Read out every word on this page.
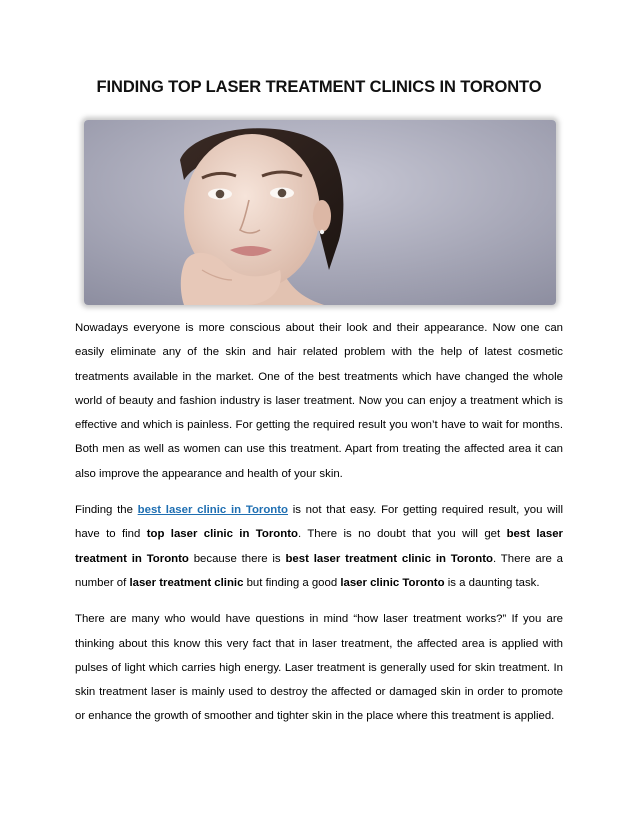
FINDING TOP LASER TREATMENT CLINICS IN TORONTO

Nowadays everyone is more conscious about their look and their appearance. Now one can easily eliminate any of the skin and hair related problem with the help of latest cosmetic treatments available in the market. One of the best treatments which have changed the whole world of beauty and fashion industry is laser treatment. Now you can enjoy a treatment which is effective and which is painless. For getting the required result you won’t have to wait for months. Both men as well as women can use this treatment. Apart from treating the affected area it can also improve the appearance and health of your skin.

Finding the best laser clinic in Toronto is not that easy. For getting required result, you will have to find top laser clinic in Toronto. There is no doubt that you will get best laser treatment in Toronto because there is best laser treatment clinic in Toronto. There are a number of laser treatment clinic but finding a good laser clinic Toronto is a daunting task.

There are many who would have questions in mind “how laser treatment works?” If you are thinking about this know this very fact that in laser treatment, the affected area is applied with pulses of light which carries high energy. Laser treatment is generally used for skin treatment. In skin treatment laser is mainly used to destroy the affected or damaged skin in order to promote or enhance the growth of smoother and tighter skin in the place where this treatment is applied.
